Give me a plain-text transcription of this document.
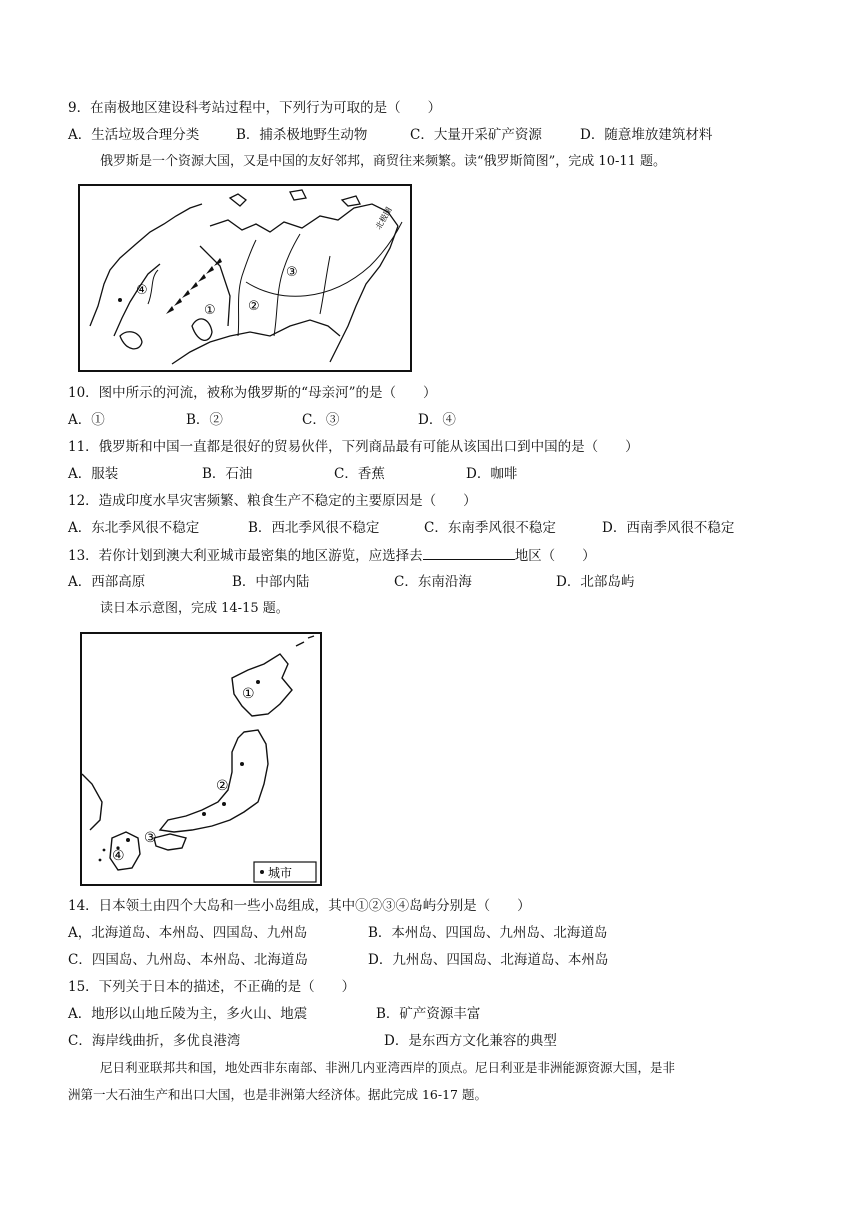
9．在南极地区建设科考站过程中，下列行为可取的是（　　）
A．生活垃圾合理分类	B．捕杀极地野生动物	C．大量开采矿产资源	D．随意堆放建筑材料
俄罗斯是一个资源大国，又是中国的友好邻邦，商贸往来频繁。读“俄罗斯简图”，完成 10-11 题。
北极圈
① ②
③
④
10．图中所示的河流，被称为俄罗斯的“母亲河”的是（　　）
A．①	B．②	C．③	D．④
11．俄罗斯和中国一直都是很好的贸易伙伴，下列商品最有可能从该国出口到中国的是（　　）
A．服装	B．石油	C．香蕉	D．咖啡
12．造成印度水旱灾害频繁、粮食生产不稳定的主要原因是（　　）
A．东北季风很不稳定	B．西北季风很不稳定	C．东南季风很不稳定	D．西南季风很不稳定
13．若你计划到澳大利亚城市最密集的地区游览，应选择去	地区（　　）
A．西部高原	B．中部内陆	C．东南沿海	D．北部岛屿
读日本示意图，完成 14-15 题。
①
②
③
④
城市
14．日本领土由四个大岛和一些小岛组成，其中①②③④岛屿分别是（　　）
A，北海道岛、本州岛、四国岛、九州岛	B．本州岛、四国岛、九州岛、北海道岛
C．四国岛、九州岛、本州岛、北海道岛	D．九州岛、四国岛、北海道岛、本州岛
15．下列关于日本的描述，不正确的是（　　）
A．地形以山地丘陵为主，多火山、地震	B．矿产资源丰富
C．海岸线曲折，多优良港湾	D．是东西方文化兼容的典型
尼日利亚联邦共和国，地处西非东南部、非洲几内亚湾西岸的顶点。尼日利亚是非洲能源资源大国，是非
洲第一大石油生产和出口大国，也是非洲第大经济体。据此完成 16-17 题。
